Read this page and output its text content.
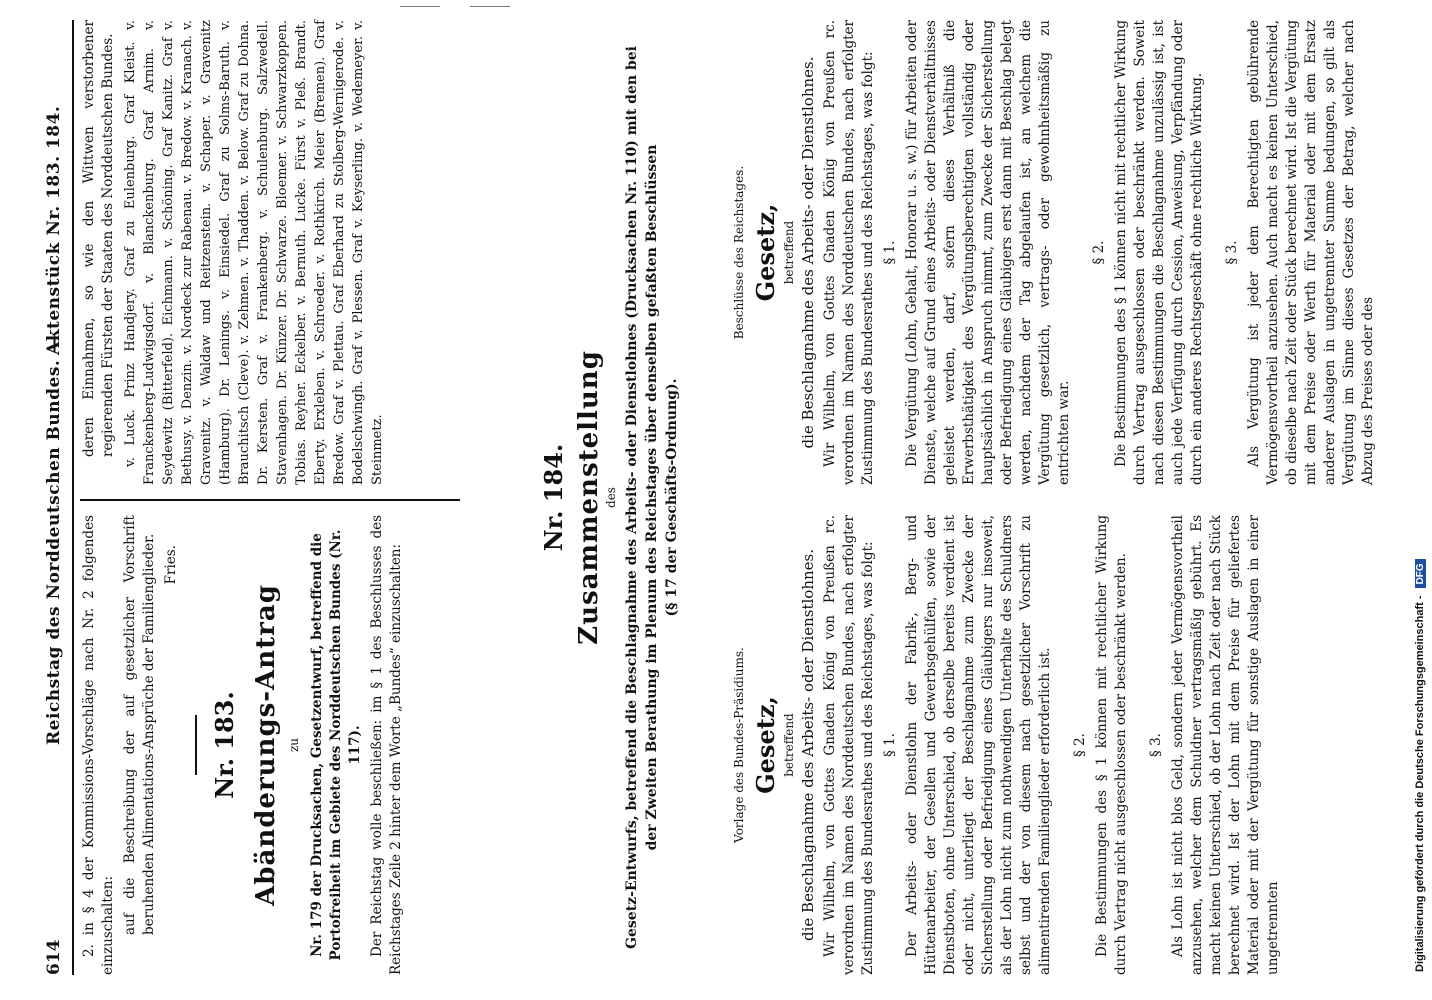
614
Reichstag des Norddeutschen Bundes. —
Aktenstück Nr. 183. 184.

2. in § 4 der Kommissions-Vorschläge nach Nr. 2 folgendes einzuschalten: auf die Beschreibung der auf gesetzlicher Vorschrift beruhenden Alimentations-Ansprüche der Familienglieder. Fries.

Nr. 183. Abänderungs-Antrag zu Nr. 179 der Drucksachen, Gesetzentwurf, betreffend die Portofreiheit im Gebiete des Norddeutschen Bundes (Nr. 117). Der Reichstag wolle beschließen: im § 1 des Beschlusses des Reichstages Zeile 2 hinter dem Worte „Bundes“ einzuschalten:

deren Einnahmen, so wie den Wittwen verstorbener regierenden Fürsten der Staaten des Norddeutschen Bundes. v. Luck. Prinz Handjery. Graf zu Eulenburg. Graf Kleist. v. Franckenberg-Ludwigsdorf. v. Blanckenburg. Graf Arnim. v. Seydewitz (Bitterfeld). Eichmann. v. Schöning. Graf Kanitz. Graf v. Bethusy. v. Denzin. v. Nordeck zur Rabenau. v. Bredow. v. Kranach. v. Gravenitz. v. Waldaw und Reitzenstein. v. Schaper. v. Gravenitz (Hamburg). Dr. Lenings. v. Einsiedel. Graf zu Solms-Baruth. v. Brauchitsch (Cleve). v. Zehmen. v. Thadden. v. Below. Graf zu Dohna. Dr. Kersten. Graf v. Frankenberg. v. Schulenburg. Salzwedell. Stavenhagen. Dr. Künzer. Dr. Schwarze. Bloemer. v. Schwarzkoppen. Tobias. Reyher. Eckelber. v. Bernuth. Lucke. Fürst v. Pleß. Brandt. Eberty. Erxleben. v. Schroeder. v. Rothkirch. Meier (Bremen). Graf Bredow. Graf v. Plettau. Graf Eberhard zu Stolberg-Wernigerode. v. Bodelschwingh. Graf v. Plessen. Graf v. Keyserling. v. Wedemeyer. v. Steinmetz.	Nr. 184. Zusammenstellung des Gesetz-Entwurfs, betreffend die Beschlagnahme des Arbeits- oder Dienstlohnes (Drucksachen Nr. 110) mit den bei der Zweiten Berathung im Plenum des Reichstages über denselben gefaßten Beschlüssen (§ 17 der Geschäfts-Ordnung).

Vorlage des Bundes-Präsidiums. Gesetz, betreffend die Beschlagnahme des Arbeits- oder Dienstlohnes. Wir Wilhelm, von Gottes Gnaden König von Preußen rc. verordnen im Namen des Norddeutschen Bundes, nach erfolgter Zustimmung des Bundesrathes und des Reichstages, was folgt: § 1. Der Arbeits- oder Dienstlohn der Fabrik-, Berg- und Hüttenarbeiter, der Gesellen und Gewerbsgehülfen, sowie der Dienstboten, ohne Unterschied, ob derselbe bereits verdient ist oder nicht, unterliegt der Beschlagnahme zum Zwecke der Sicherstellung oder Befriedigung eines Gläubigers nur insoweit, als der Lohn nicht zum nothwendigen Unterhalte des Schuldners selbst und der von diesem nach gesetzlicher Vorschrift zu alimentirenden Familienglieder erforderlich ist. § 2. Die Bestimmungen des § 1 können mit rechtlicher Wirkung durch Vertrag nicht ausgeschlossen oder beschränkt werden. § 3. Als Lohn ist nicht blos Geld, sondern jeder Vermögensvortheil anzusehen, welcher dem Schuldner vertragsmäßig gebührt. Es macht keinen Unterschied, ob der Lohn nach Zeit oder nach Stück berechnet wird. Ist der Lohn mit dem Preise für geliefertes Material oder mit der Vergütung für sonstige Auslagen in einer ungetrennten

Beschlüsse des Reichstages. Gesetz, betreffend die Beschlagnahme des Arbeits- oder Dienstlohnes. Wir Wilhelm, von Gottes Gnaden König von Preußen rc. verordnen im Namen des Norddeutschen Bundes, nach erfolgter Zustimmung des Bundesrathes und des Reichstages, was folgt: § 1. Die Vergütung (Lohn, Gehalt, Honorar u. s. w.) für Arbeiten oder Dienste, welche auf Grund eines Arbeits- oder Dienstverhältnisses geleistet werden, darf, sofern dieses Verhältniß die Erwerbsthätigkeit des Vergütungsberechtigten vollständig oder hauptsächlich in Anspruch nimmt, zum Zwecke der Sicherstellung oder Befriedigung eines Gläubigers erst dann mit Beschlag belegt werden, nachdem der Tag abgelaufen ist, an welchem die Vergütung gesetzlich, vertrags- oder gewohnheitsmäßig zu entrichten war.

§ 2. Die Bestimmungen des § 1 können nicht mit rechtlicher Wirkung durch Vertrag ausgeschlossen oder beschränkt werden. Soweit nach diesen Bestimmungen die Beschlagnahme unzulässig ist, ist auch jede Verfügung durch Cession, Anweisung, Verpfändung oder durch ein anderes Rechtsgeschäft ohne rechtliche Wirkung. § 3. Als Vergütung ist jeder dem Berechtigten gebührende Vermögensvortheil anzusehen. Auch macht es keinen Unterschied, ob dieselbe nach Zeit oder Stück berechnet wird. Ist die Vergütung mit dem Preise oder Werth für Material oder mit dem Ersatz anderer Auslagen in ungetrennter Summe bedungen, so gilt als Vergütung im Sinne dieses Gesetzes der Betrag, welcher nach Abzug des Preises oder des

Digitalisierung gefördert durch die Deutsche Forschungsgemeinschaft - DFG
